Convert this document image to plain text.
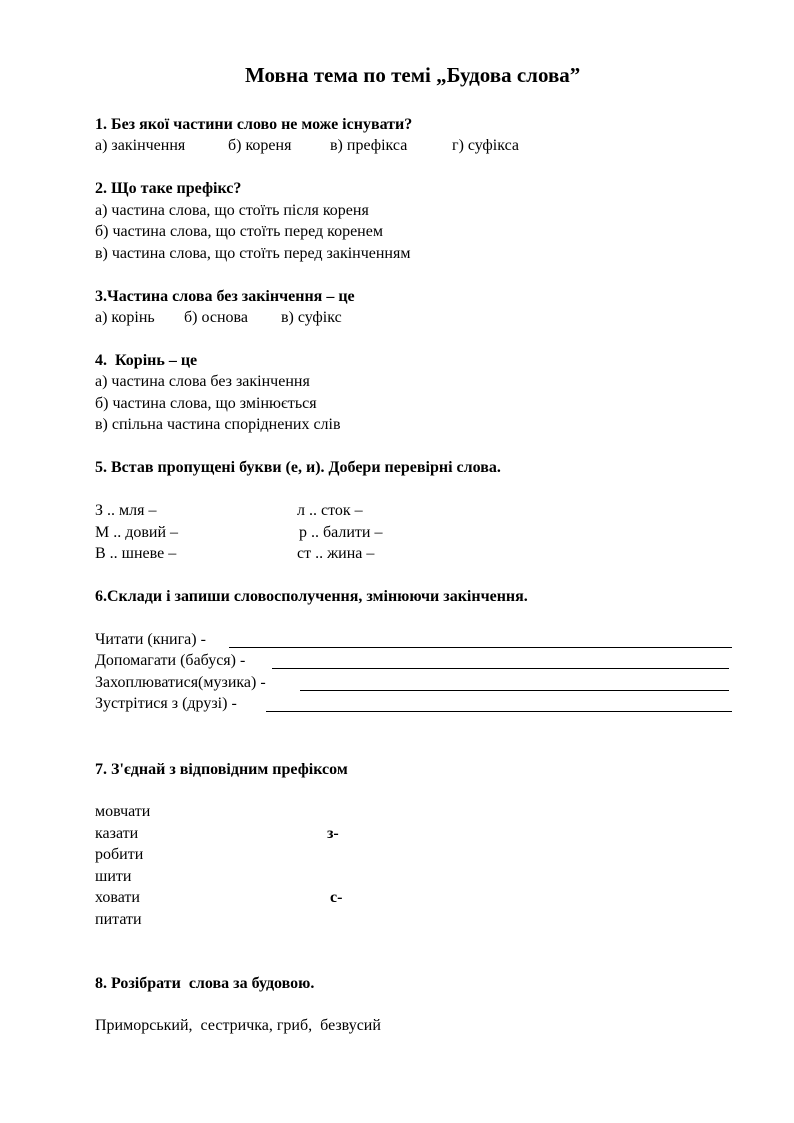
Мовна тема по темі „Будова слова”
1. Без якої частини слово не може існувати?
а) закінчення	б) кореня в) префікса	г) суфікса
2. Що таке префікс?
а) частина слова, що стоїть після кореня
б) частина слова, що стоїть перед коренем
в) частина слова, що стоїть перед закінченням
3.Частина слова без закінчення – це
а) корінь б) основа в) суфікс
4.  Корінь – це
а) частина слова без закінчення
б) частина слова, що змінюється
в) спільна частина споріднених слів
5. Встав пропущені букви (е, и). Добери перевірні слова.
З .. мля –
М .. довий –
В .. шневе –
л .. сток –
р .. балити –
ст .. жина –
6.Склади і запиши словосполучення, змінюючи закінчення.
Читати (книга) -
Допомагати (бабуся) -
Захоплюватися(музика) -
Зустрітися з (друзі) -
7. З'єднай з відповідним префіксом
мовчати
казати
робити
шити
ховати
питати
з-
с-
8. Розібрати  слова за будовою.
Приморський,  сестричка, гриб,  безвусий
